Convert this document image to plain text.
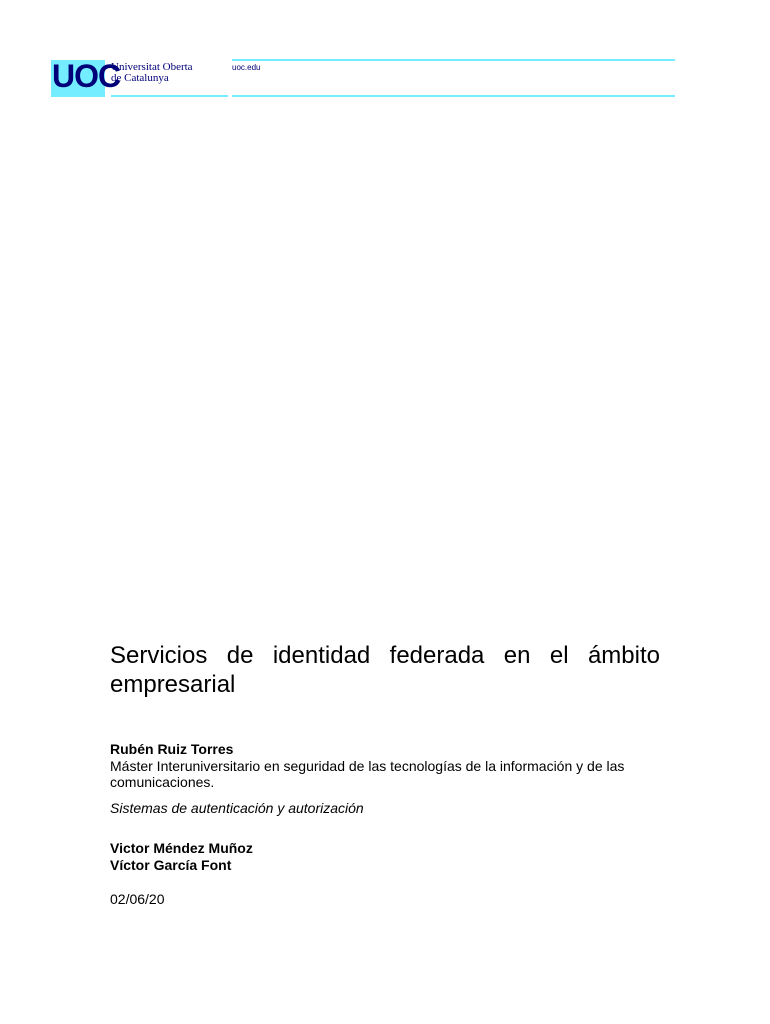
UOC
Universitat Oberta
de Catalunya
uoc.edu
Servicios de identidad federada en el ámbito empresarial
Rubén Ruiz Torres
Máster Interuniversitario en seguridad de las tecnologías de la información y de las comunicaciones.
Sistemas de autenticación y autorización
Victor Méndez Muñoz
Víctor García Font
02/06/20
